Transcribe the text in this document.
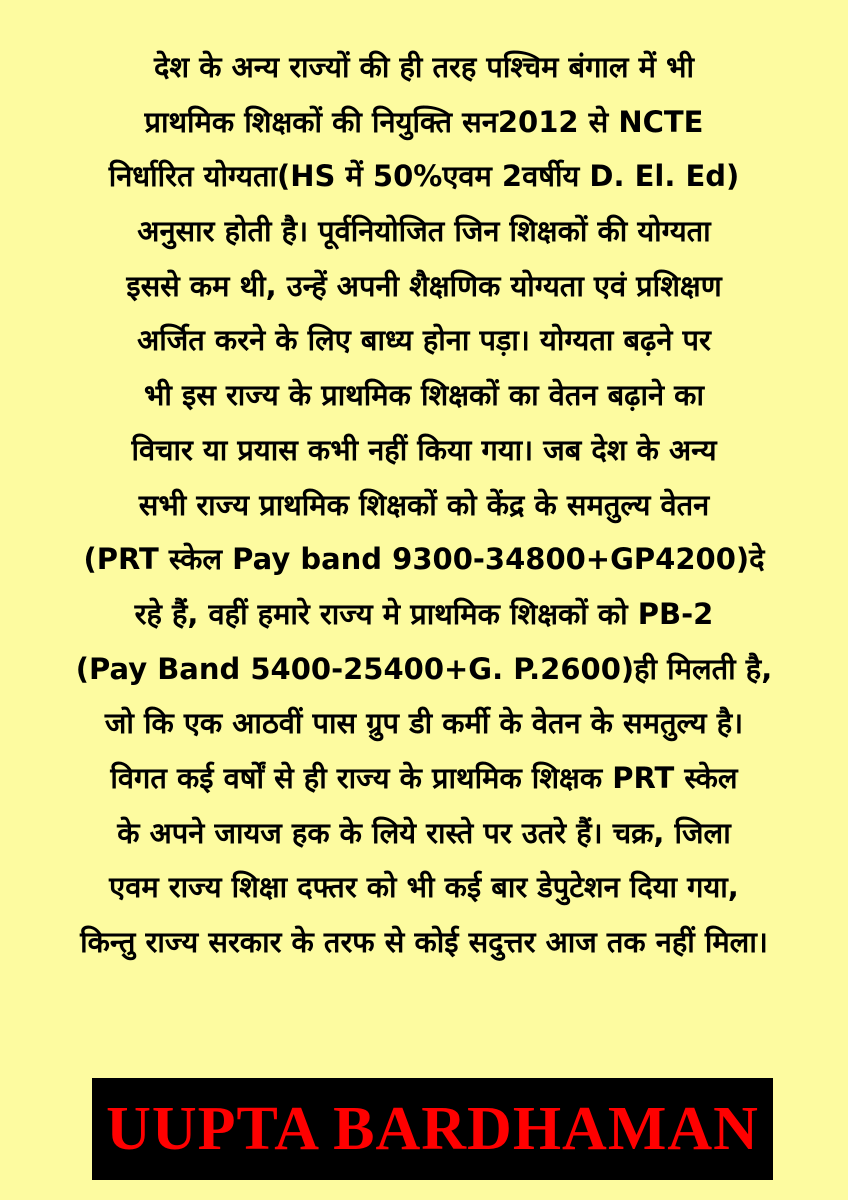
देश के अन्य राज्यों की ही तरह पश्चिम बंगाल में भी
प्राथमिक शिक्षकों की नियुक्ति सन2012 से NCTE
निर्धारित योग्यता(HS में 50%एवम 2वर्षीय D. El. Ed)
अनुसार होती है। पूर्वनियोजित जिन शिक्षकों की योग्यता
इससे कम थी, उन्हें अपनी शैक्षणिक योग्यता एवं प्रशिक्षण
अर्जित करने के लिए बाध्य होना पड़ा। योग्यता बढ़ने पर
भी इस राज्य के प्राथमिक शिक्षकों का वेतन बढ़ाने का
विचार या प्रयास कभी नहीं किया गया। जब देश के अन्य
सभी राज्य प्राथमिक शिक्षकों को केंद्र के समतुल्य वेतन
(PRT स्केल Pay band 9300-34800+GP4200)दे
रहे हैं, वहीं हमारे राज्य मे प्राथमिक शिक्षकों को PB-2
(Pay Band 5400-25400+G. P.2600)ही मिलती है,
जो कि एक आठवीं पास ग्रुप डी कर्मी के वेतन के समतुल्य है।
विगत कई वर्षों से ही राज्य के प्राथमिक शिक्षक PRT स्केल
के अपने जायज हक के लिये रास्ते पर उतरे हैं। चक्र, जिला
एवम राज्य शिक्षा दफ्तर को भी कई बार डेपुटेशन दिया गया,
किन्तु राज्य सरकार के तरफ से कोई सदुत्तर आज तक नहीं मिला।
UUPTA BARDHAMAN
